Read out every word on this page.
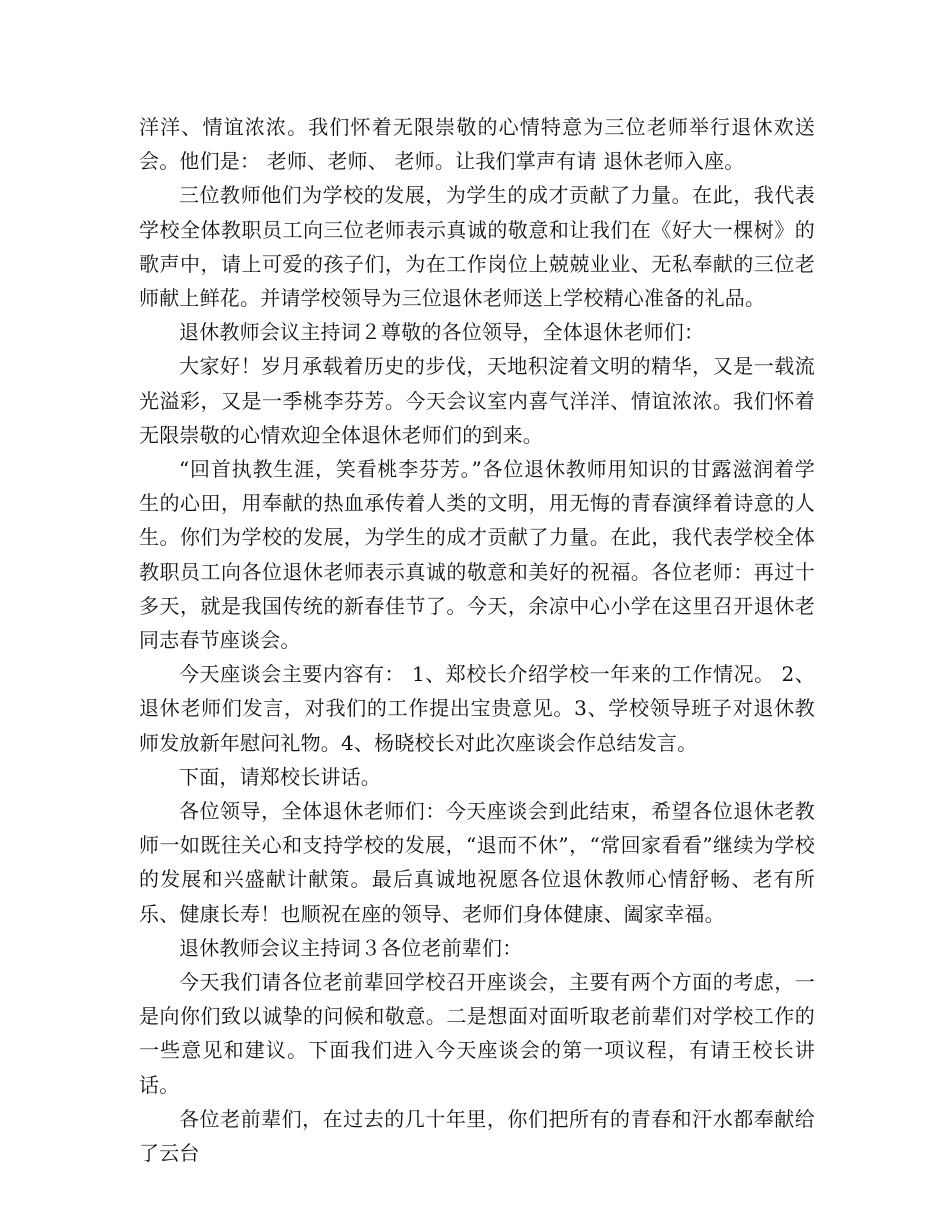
洋洋、情谊浓浓。我们怀着无限崇敬的心情特意为三位老师举行退休欢送会。他们是： 老师、老师、 老师。让我们掌声有请 退休老师入座。

三位教师他们为学校的发展，为学生的成才贡献了力量。在此，我代表学校全体教职员工向三位老师表示真诚的敬意和让我们在《好大一棵树》的歌声中，请上可爱的孩子们，为在工作岗位上兢兢业业、无私奉献的三位老师献上鲜花。并请学校领导为三位退休老师送上学校精心准备的礼品。

退休教师会议主持词２尊敬的各位领导，全体退休老师们：

大家好！岁月承载着历史的步伐，天地积淀着文明的精华，又是一载流光溢彩，又是一季桃李芬芳。今天会议室内喜气洋洋、情谊浓浓。我们怀着无限崇敬的心情欢迎全体退休老师们的到来。

“回首执教生涯，笑看桃李芬芳。”各位退休教师用知识的甘露滋润着学生的心田，用奉献的热血承传着人类的文明，用无悔的青春演绎着诗意的人生。你们为学校的发展，为学生的成才贡献了力量。在此，我代表学校全体教职员工向各位退休老师表示真诚的敬意和美好的祝福。各位老师：再过十多天，就是我国传统的新春佳节了。今天，余凉中心小学在这里召开退休老同志春节座谈会。

今天座谈会主要内容有： 1、郑校长介绍学校一年来的工作情况。 2、退休老师们发言，对我们的工作提出宝贵意见。3、学校领导班子对退休教师发放新年慰问礼物。4、杨晓校长对此次座谈会作总结发言。

下面，请郑校长讲话。

各位领导，全体退休老师们：今天座谈会到此结束，希望各位退休老教师一如既往关心和支持学校的发展，“退而不休”，“常回家看看”继续为学校的发展和兴盛献计献策。最后真诚地祝愿各位退休教师心情舒畅、老有所乐、健康长寿！也顺祝在座的领导、老师们身体健康、阖家幸福。

退休教师会议主持词３各位老前辈们：

今天我们请各位老前辈回学校召开座谈会，主要有两个方面的考虑，一是向你们致以诚挚的问候和敬意。二是想面对面听取老前辈们对学校工作的一些意见和建议。下面我们进入今天座谈会的第一项议程，有请王校长讲话。

各位老前辈们，在过去的几十年里，你们把所有的青春和汗水都奉献给了云台
